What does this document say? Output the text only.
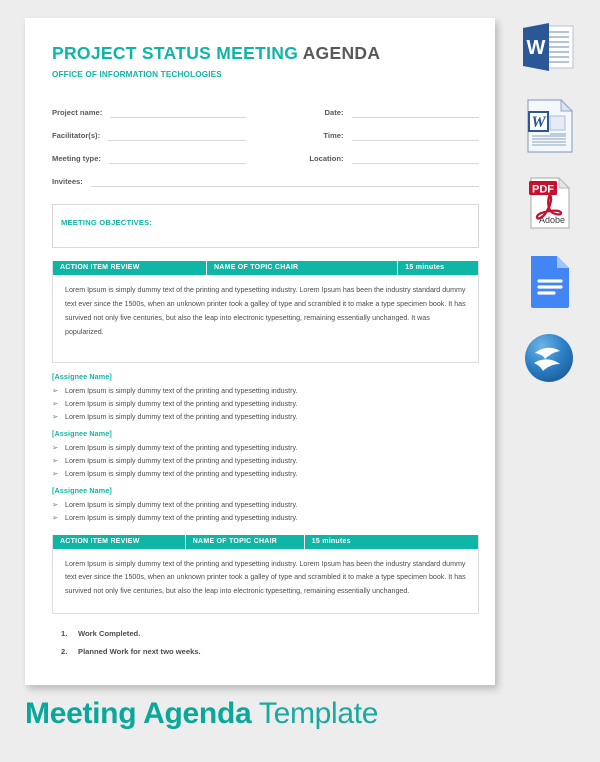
PROJECT STATUS MEETING AGENDA

OFFICE OF INFORMATION TECHOLOGIES

Project name:	Date:
Facilitator(s):	Time:
Meeting type:	Location:
Invitees:
MEETING OBJECTIVES:
ACTION ITEM REVIEW	NAME OF TOPIC CHAIR	15 minutes
Lorem Ipsum is simply dummy text of the printing and typesetting industry. Lorem Ipsum has been the industry standard dummy text ever since the 1500s, when an unknown printer took a galley of type and scrambled it to make a type specimen book. It has survived not only five centuries, but also the leap into electronic typesetting, remaining essentially unchanged. It was popularized.
[Assignee Name]
➢ Lorem Ipsum is simply dummy text of the printing and typesetting industry.
➢ Lorem Ipsum is simply dummy text of the printing and typesetting industry.
➢ Lorem Ipsum is simply dummy text of the printing and typesetting industry.
[Assignee Name]
➢ Lorem Ipsum is simply dummy text of the printing and typesetting industry.
➢ Lorem Ipsum is simply dummy text of the printing and typesetting industry.
➢ Lorem Ipsum is simply dummy text of the printing and typesetting industry.
[Assignee Name]
➢ Lorem Ipsum is simply dummy text of the printing and typesetting industry.
➢ Lorem Ipsum is simply dummy text of the printing and typesetting industry.
ACTION ITEM REVIEW	NAME OF TOPIC CHAIR	15 minutes
Lorem Ipsum is simply dummy text of the printing and typesetting industry. Lorem Ipsum has been the industry standard dummy text ever since the 1500s, when an unknown printer took a galley of type and scrambled it to make a type specimen book. It has survived not only five centuries, but also the leap into electronic typesetting, remaining essentially unchanged.
1.	Work Completed.
2.	Planned Work for next two weeks.
Meeting Agenda Template
W
W
PDF
Adobe
